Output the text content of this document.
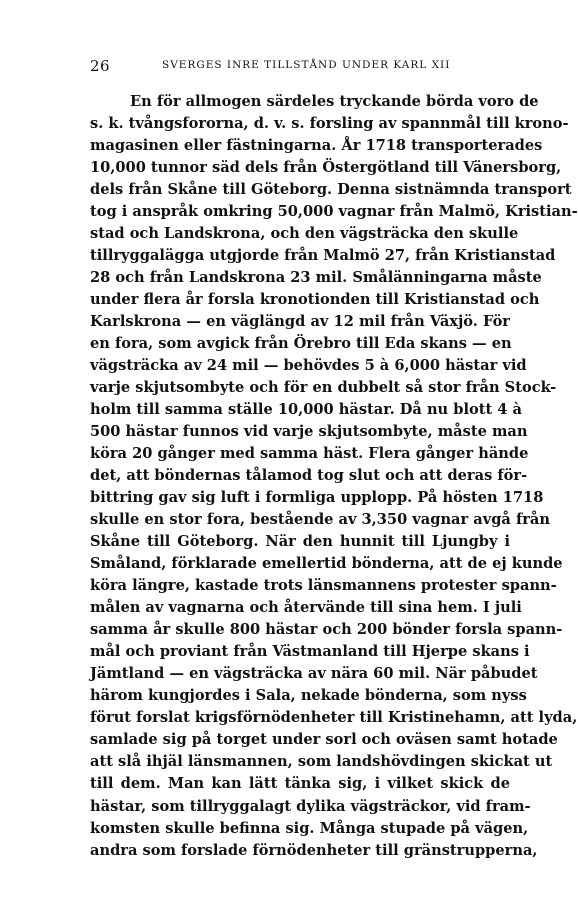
26	SVERGES INRE TILLSTÅND UNDER KARL XII
En för allmogen särdeles tryckande börda voro de
s. k. tvångsfororna, d. v. s. forsling av spannmål till krono-
magasinen eller fästningarna. År 1718 transporterades
10,000 tunnor säd dels från Östergötland till Vänersborg,
dels från Skåne till Göteborg. Denna sistnämnda transport
tog i anspråk omkring 50,000 vagnar från Malmö, Kristian-
stad och Landskrona, och den vägsträcka den skulle
tillryggalägga utgjorde från Malmö 27, från Kristianstad
28 och från Landskrona 23 mil. Smålänningarna måste
under flera år forsla kronotionden till Kristianstad och
Karlskrona — en väglängd av 12 mil från Växjö. För
en fora, som avgick från Örebro till Eda skans — en
vägsträcka av 24 mil — behövdes 5 à 6,000 hästar vid
varje skjutsombyte och för en dubbelt så stor från Stock-
holm till samma ställe 10,000 hästar. Då nu blott 4 à
500 hästar funnos vid varje skjutsombyte, måste man
köra 20 gånger med samma häst. Flera gånger hände
det, att böndernas tålamod tog slut och att deras för-
bittring gav sig luft i formliga upplopp. På hösten 1718
skulle en stor fora, bestående av 3,350 vagnar avgå från
Skåne till Göteborg. När den hunnit till Ljungby i
Småland, förklarade emellertid bönderna, att de ej kunde
köra längre, kastade trots länsmannens protester spann-
målen av vagnarna och återvände till sina hem. I juli
samma år skulle 800 hästar och 200 bönder forsla spann-
mål och proviant från Västmanland till Hjerpe skans i
Jämtland — en vägsträcka av nära 60 mil. När påbudet
härom kungjordes i Sala, nekade bönderna, som nyss
förut forslat krigsförnödenheter till Kristinehamn, att lyda,
samlade sig på torget under sorl och oväsen samt hotade
att slå ihjäl länsmannen, som landshövdingen skickat ut
till dem. Man kan lätt tänka sig, i vilket skick de
hästar, som tillryggalagt dylika vägsträckor, vid fram-
komsten skulle befinna sig. Många stupade på vägen,
andra som forslade förnödenheter till gränstrupperna,
